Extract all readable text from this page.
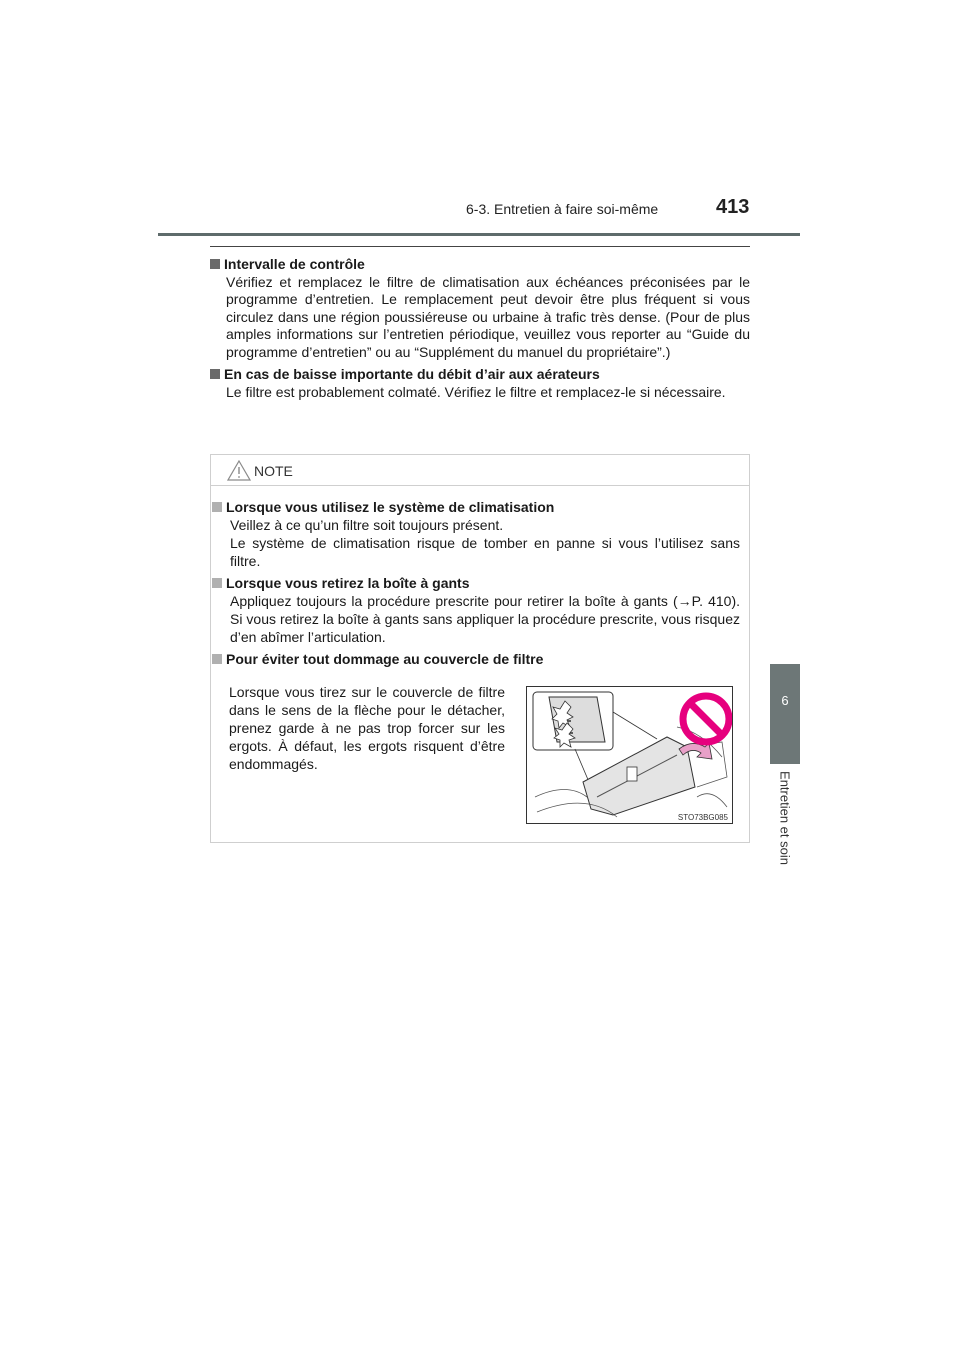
6-3. Entretien à faire soi-même	413
6
Entretien et soin
Intervalle de contrôle
Vérifiez et remplacez le filtre de climatisation aux échéances préconisées par le programme d’entretien. Le remplacement peut devoir être plus fréquent si vous circulez dans une région poussiéreuse ou urbaine à trafic très dense. (Pour de plus amples informations sur l’entretien périodique, veuillez vous reporter au “Guide du programme d’entretien” ou au “Supplément du manuel du propriétaire”.)
En cas de baisse importante du débit d’air aux aérateurs
Le filtre est probablement colmaté. Vérifiez le filtre et remplacez-le si nécessaire.
NOTE
Lorsque vous utilisez le système de climatisation
Veillez à ce qu’un filtre soit toujours présent.
Le système de climatisation risque de tomber en panne si vous l’utilisez sans filtre.
Lorsque vous retirez la boîte à gants
Appliquez toujours la procédure prescrite pour retirer la boîte à gants (→P. 410). Si vous retirez la boîte à gants sans appliquer la procédure prescrite, vous risquez d’en abîmer l’articulation.
Pour éviter tout dommage au couvercle de filtre
Lorsque vous tirez sur le couvercle de filtre dans le sens de la flèche pour le détacher, prenez garde à ne pas trop forcer sur les ergots. À défaut, les ergots risquent d’être endommagés.
STO73BG085
